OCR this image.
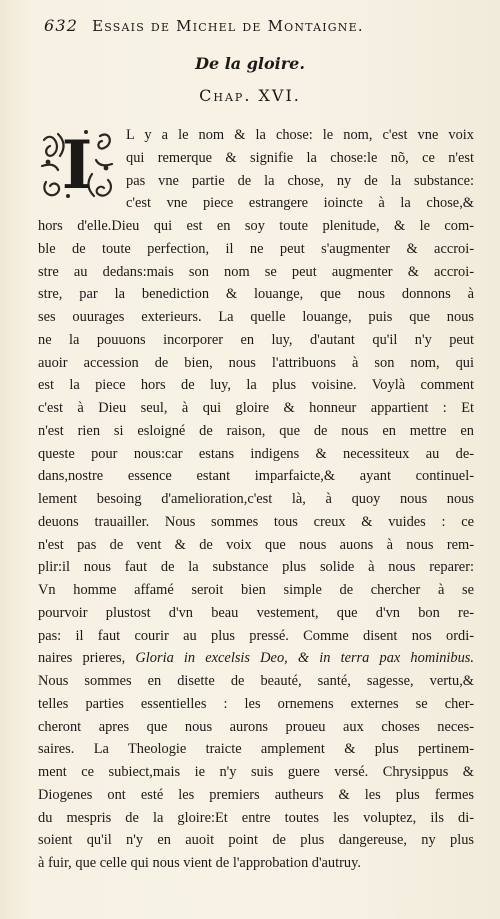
632 Essais de Michel de Montaigne.
De la gloire.
Chap. XVI.
I L y a le nom & la chose: le nom, c'est vne voix
qui remerque & signifie la chose:le nõ, ce n'est
pas vne partie de la chose, ny de la substance:
c'est vne piece estrangere ioincte à la chose,&
hors d'elle.Dieu qui est en soy toute plenitude, & le com-
ble de toute perfection, il ne peut s'augmenter & accroi-
stre au dedans:mais son nom se peut augmenter & accroi-
stre, par la benediction & louange, que nous donnons à
ses ouurages exterieurs. La quelle louange, puis que nous
ne la pouuons incorporer en luy, d'autant qu'il n'y peut
auoir accession de bien, nous l'attribuons à son nom, qui
est la piece hors de luy, la plus voisine. Voylà comment
c'est à Dieu seul, à qui gloire & honneur appartient : Et
n'est rien si esloigné de raison, que de nous en mettre en
queste pour nous:car estans indigens & necessiteux au de-
dans,nostre essence estant imparfaicte,& ayant continuel-
lement besoing d'amelioration,c'est là, à quoy nous nous
deuons trauailler. Nous sommes tous creux & vuides : ce
n'est pas de vent & de voix que nous auons à nous rem-
plir:il nous faut de la substance plus solide à nous reparer:
Vn homme affamé seroit bien simple de chercher à se
pourvoir plustost d'vn beau vestement, que d'vn bon re-
pas: il faut courir au plus pressé. Comme disent nos ordi-
naires prieres, Gloria in excelsis Deo, & in terra pax hominibus.
Nous sommes en disette de beauté, santé, sagesse, vertu,&
telles parties essentielles : les ornemens externes se cher-
cheront apres que nous aurons proueu aux choses neces-
saires. La Theologie traicte amplement & plus pertinem-
ment ce subiect,mais ie n'y suis guere versé. Chrysippus &
Diogenes ont esté les premiers autheurs & les plus fermes
du mespris de la gloire:Et entre toutes les voluptez, ils di-
soient qu'il n'y en auoit point de plus dangereuse, ny plus
à fuir, que celle qui nous vient de l'approbation d'autruy.
